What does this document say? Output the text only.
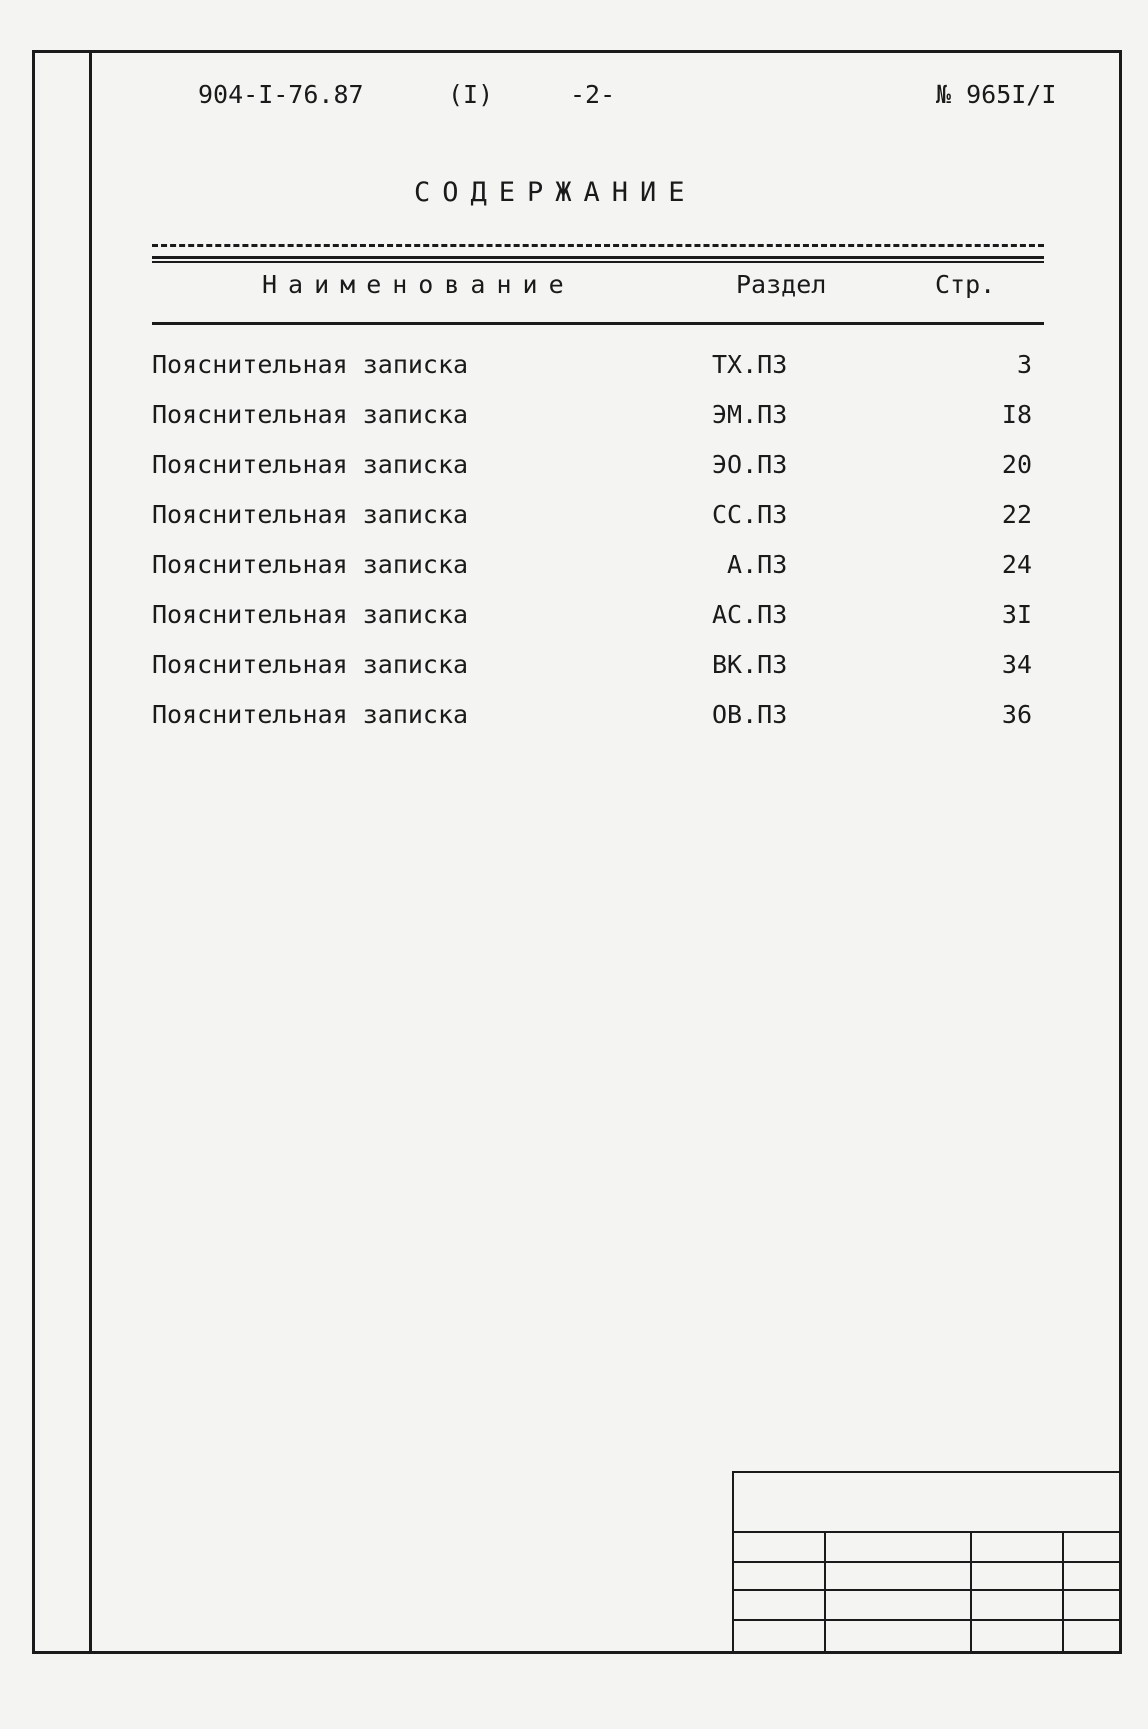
904-I-76.87	(I)	-2-	№ 965I/I
СОДЕРЖАНИЕ
Наименование	Раздел	Стр.
Пояснительная записка	ТХ.ПЗ	3
Пояснительная записка	ЭМ.ПЗ	I8
Пояснительная записка	ЭО.ПЗ	20
Пояснительная записка	СС.ПЗ	22
Пояснительная записка	А.ПЗ	24
Пояснительная записка	АС.ПЗ	3I
Пояснительная записка	ВК.ПЗ	34
Пояснительная записка	ОВ.ПЗ	36
